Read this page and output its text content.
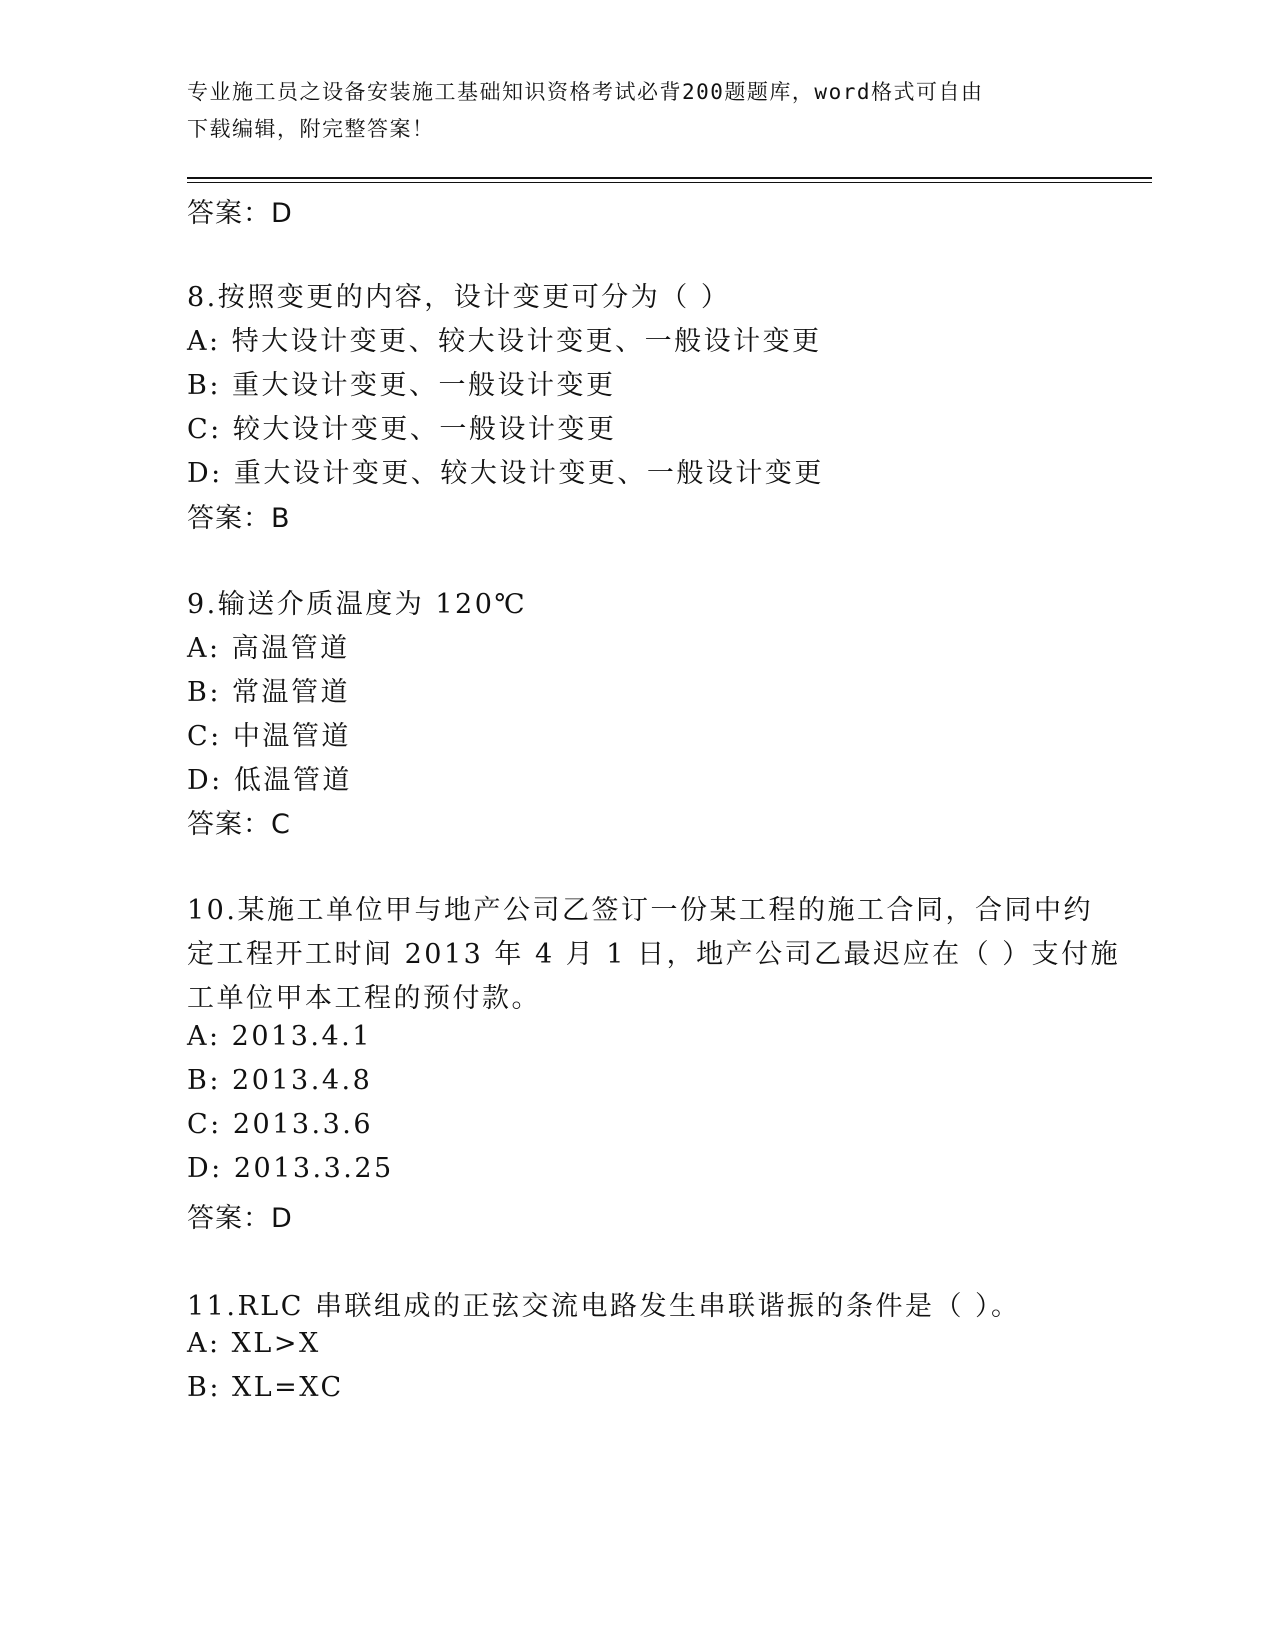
专业施工员之设备安装施工基础知识资格考试必背200题题库，word格式可自由
下载编辑，附完整答案！
答案：D
8.按照变更的内容，设计变更可分为（ ）
A: 特大设计变更、较大设计变更、一般设计变更
B: 重大设计变更、一般设计变更
C: 较大设计变更、一般设计变更
D: 重大设计变更、较大设计变更、一般设计变更
答案：B
9.输送介质温度为 120℃
A: 高温管道
B: 常温管道
C: 中温管道
D: 低温管道
答案：C
10.某施工单位甲与地产公司乙签订一份某工程的施工合同，合同中约
定工程开工时间 2013 年 4 月 1 日，地产公司乙最迟应在（ ）支付施
工单位甲本工程的预付款。
A: 2013.4.1
B: 2013.4.8
C: 2013.3.6
D: 2013.3.25
答案：D
11.RLC 串联组成的正弦交流电路发生串联谐振的条件是（ ）。
A: XL>X
B: XL=XC
